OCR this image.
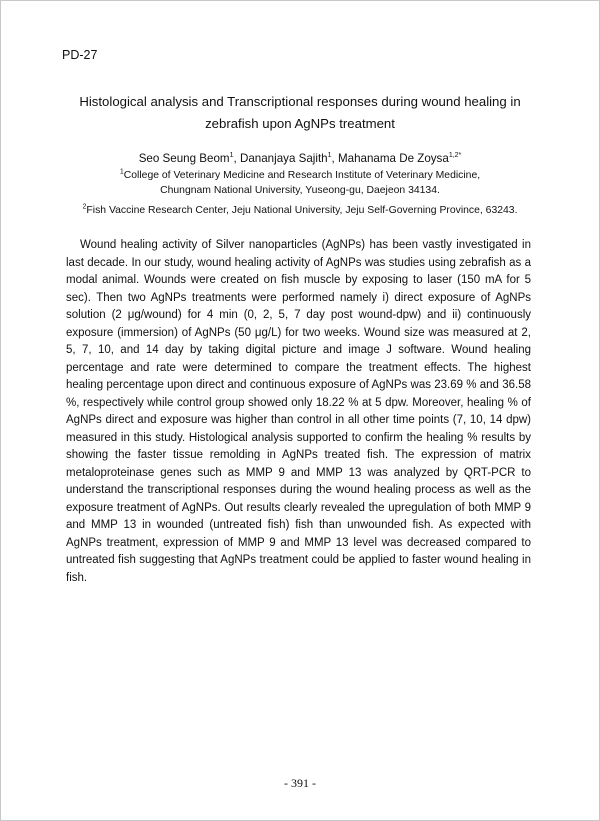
PD-27
Histological analysis and Transcriptional responses during wound healing in
zebrafish upon AgNPs treatment
Seo Seung Beom$^1$, Dananjaya Sajith$^1$, Mahanama De Zoysa$^{1,2*}$
$^1$College of Veterinary Medicine and Research Institute of Veterinary Medicine,
Chungnam National University, Yuseong-gu, Daejeon 34134.
$^2$Fish Vaccine Research Center, Jeju National University, Jeju Self-Governing Province, 63243.

Wound healing activity of Silver nanoparticles (AgNPs) has been vastly investigated in last decade. In our study, wound healing activity of AgNPs was studies using zebrafish as a modal animal. Wounds were created on fish muscle by exposing to laser (150 mA for 5 sec). Then two AgNPs treatments were performed namely i) direct exposure of AgNPs solution (2 μg/wound) for 4 min (0, 2, 5, 7 day post wound-dpw) and ii) continuously exposure (immersion) of AgNPs (50 μg/L) for two weeks. Wound size was measured at 2, 5, 7, 10, and 14 day by taking digital picture and image J software. Wound healing percentage and rate were determined to compare the treatment effects. The highest healing percentage upon direct and continuous exposure of AgNPs was 23.69 % and 36.58 %, respectively while control group showed only 18.22 % at 5 dpw. Moreover, healing % of AgNPs direct and exposure was higher than control in all other time points (7, 10, 14 dpw) measured in this study. Histological analysis supported to confirm the healing % results by showing the faster tissue remolding in AgNPs treated fish. The expression of matrix metaloproteinase genes such as MMP 9 and MMP 13 was analyzed by QRT-PCR to understand the transcriptional responses during the wound healing process as well as the exposure treatment of AgNPs. Out results clearly revealed the upregulation of both MMP 9 and MMP 13 in wounded (untreated fish) fish than unwounded fish. As expected with AgNPs treatment, expression of MMP 9 and MMP 13 level was decreased compared to untreated fish suggesting that AgNPs treatment could be applied to faster wound healing in fish.

- 391 -
